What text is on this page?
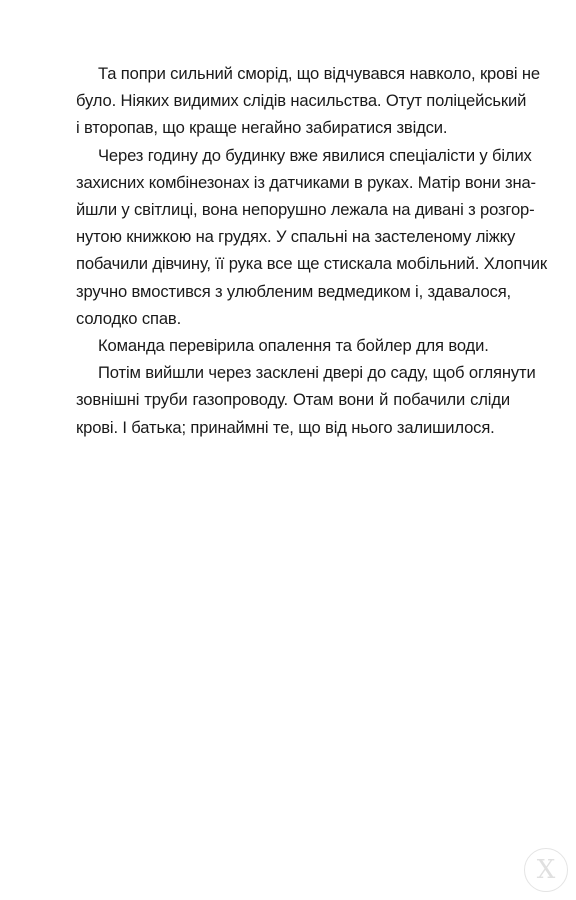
Та попри сильний сморід, що відчувався навколо, крові не
було. Ніяких видимих слідів насильства. Отут поліцейський
і второпав, що краще негайно забиратися звідси.

Через годину до будинку вже явилися спеціалісти у білих
захисних комбінезонах із датчиками в руках. Матір вони зна-
йшли у світлиці, вона непорушно лежала на дивані з розгор-
нутою книжкою на грудях. У спальні на застеленому ліжку
побачили дівчину, її рука все ще стискала мобільний. Хлопчик
зручно вмостився з улюбленим ведмедиком і, здавалося,
солодко спав.

Команда перевірила опалення та бойлер для води.

Потім вийшли через засклені двері до саду, щоб оглянути
зовнішні труби газопроводу. Отам вони й побачили сліди
крові. І батька; принаймні те, що від нього залишилося.

Х
